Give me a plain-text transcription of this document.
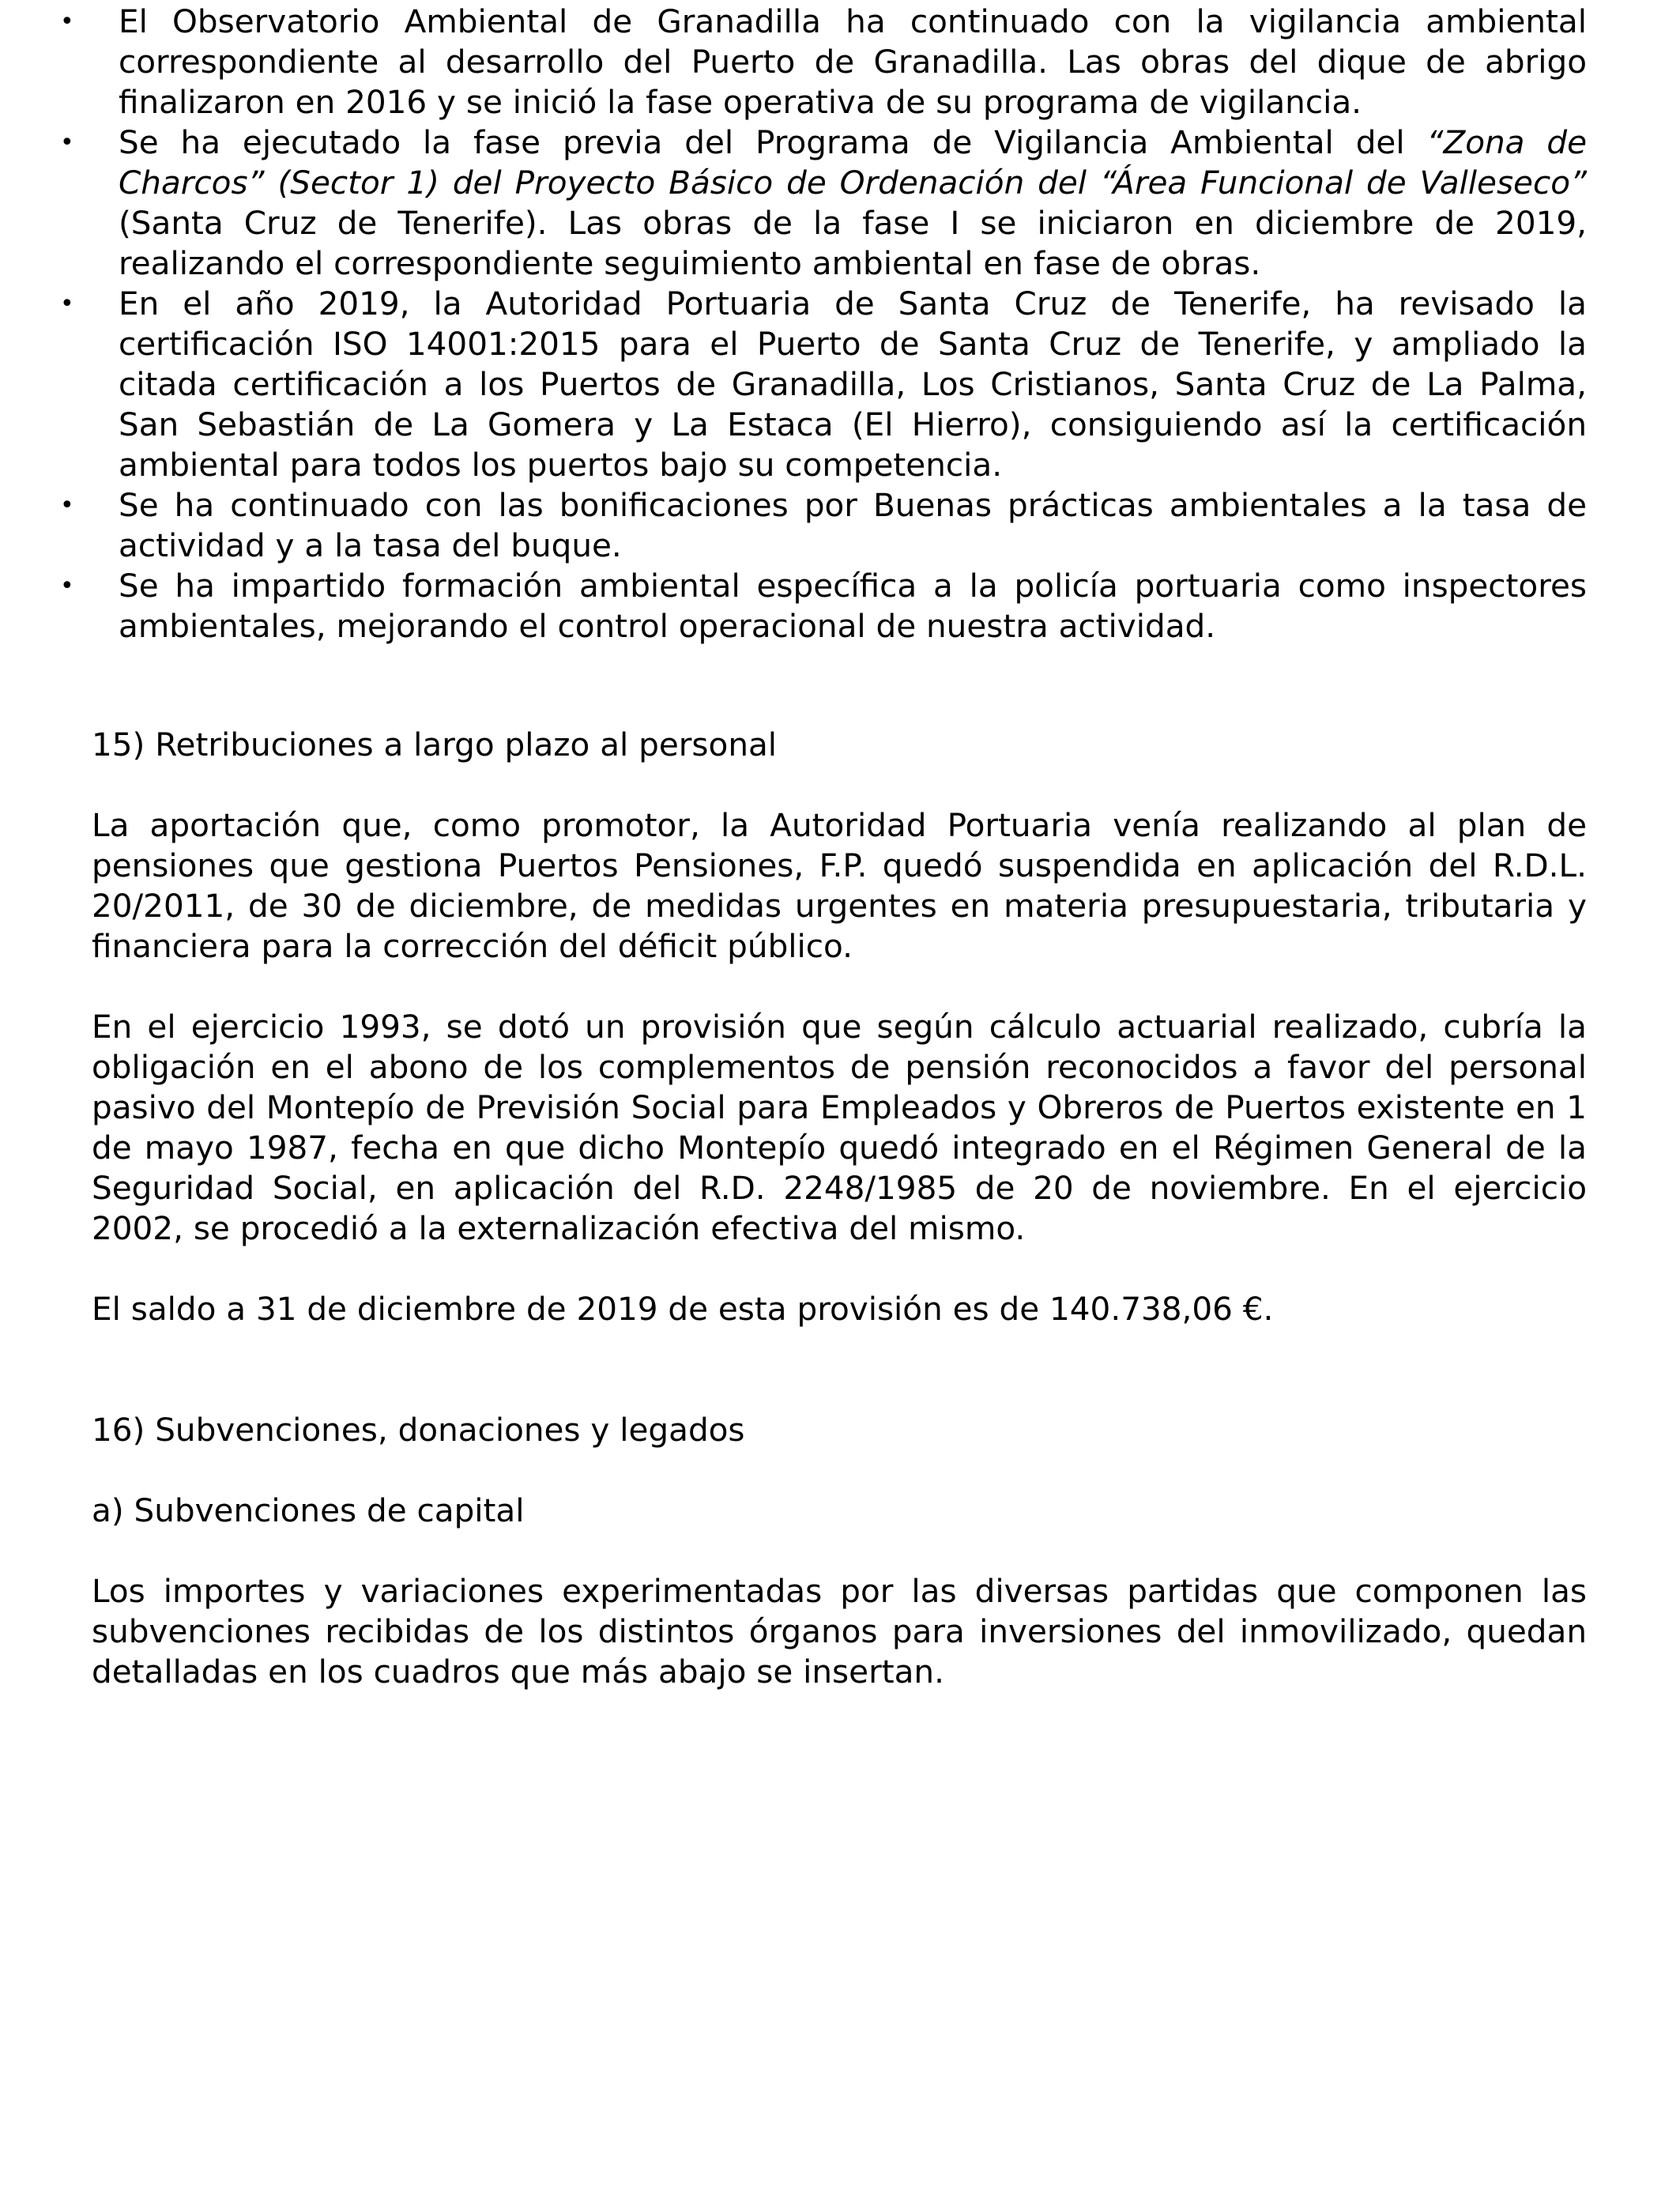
•
El Observatorio Ambiental de Granadilla ha continuado con la vigilancia ambiental correspondiente al desarrollo del Puerto de Granadilla. Las obras del dique de abrigo finalizaron en 2016 y se inició la fase operativa de su programa de vigilancia.
•
Se ha ejecutado la fase previa del Programa de Vigilancia Ambiental del “Zona de Charcos” (Sector 1) del Proyecto Básico de Ordenación del “Área Funcional de Valleseco” (Santa Cruz de Tenerife). Las obras de la fase I se iniciaron en diciembre de 2019, realizando el correspondiente seguimiento ambiental en fase de obras.
•
En el año 2019, la Autoridad Portuaria de Santa Cruz de Tenerife, ha revisado la certificación ISO 14001:2015 para el Puerto de Santa Cruz de Tenerife, y ampliado la citada certificación a los Puertos de Granadilla, Los Cristianos, Santa Cruz de La Palma, San Sebastián de La Gomera y La Estaca (El Hierro), consiguiendo así la certificación ambiental para todos los puertos bajo su competencia.
•
Se ha continuado con las bonificaciones por Buenas prácticas ambientales a la tasa de actividad y a la tasa del buque.
•
Se ha impartido formación ambiental específica a la policía portuaria como inspectores ambientales, mejorando el control operacional de nuestra actividad.

15) Retribuciones a largo plazo al personal

La aportación que, como promotor, la Autoridad Portuaria venía realizando al plan de pensiones que gestiona Puertos Pensiones, F.P. quedó suspendida en aplicación del R.D.L. 20/2011, de 30 de diciembre, de medidas urgentes en materia presupuestaria, tributaria y financiera para la corrección del déficit público.

En el ejercicio 1993, se dotó un provisión que según cálculo actuarial realizado, cubría la obligación en el abono de los complementos de pensión reconocidos a favor del personal pasivo del Montepío de Previsión Social para Empleados y Obreros de Puertos existente en 1 de mayo 1987, fecha en que dicho Montepío quedó integrado en el Régimen General de la Seguridad Social, en aplicación del R.D. 2248/1985 de 20 de noviembre. En el ejercicio 2002, se procedió a la externalización efectiva del mismo.

El saldo a 31 de diciembre de 2019 de esta provisión es de 140.738,06 €.

16) Subvenciones, donaciones y legados

a) Subvenciones de capital

Los importes y variaciones experimentadas por las diversas partidas que componen las subvenciones recibidas de los distintos órganos para inversiones del inmovilizado, quedan detalladas en los cuadros que más abajo se insertan.
